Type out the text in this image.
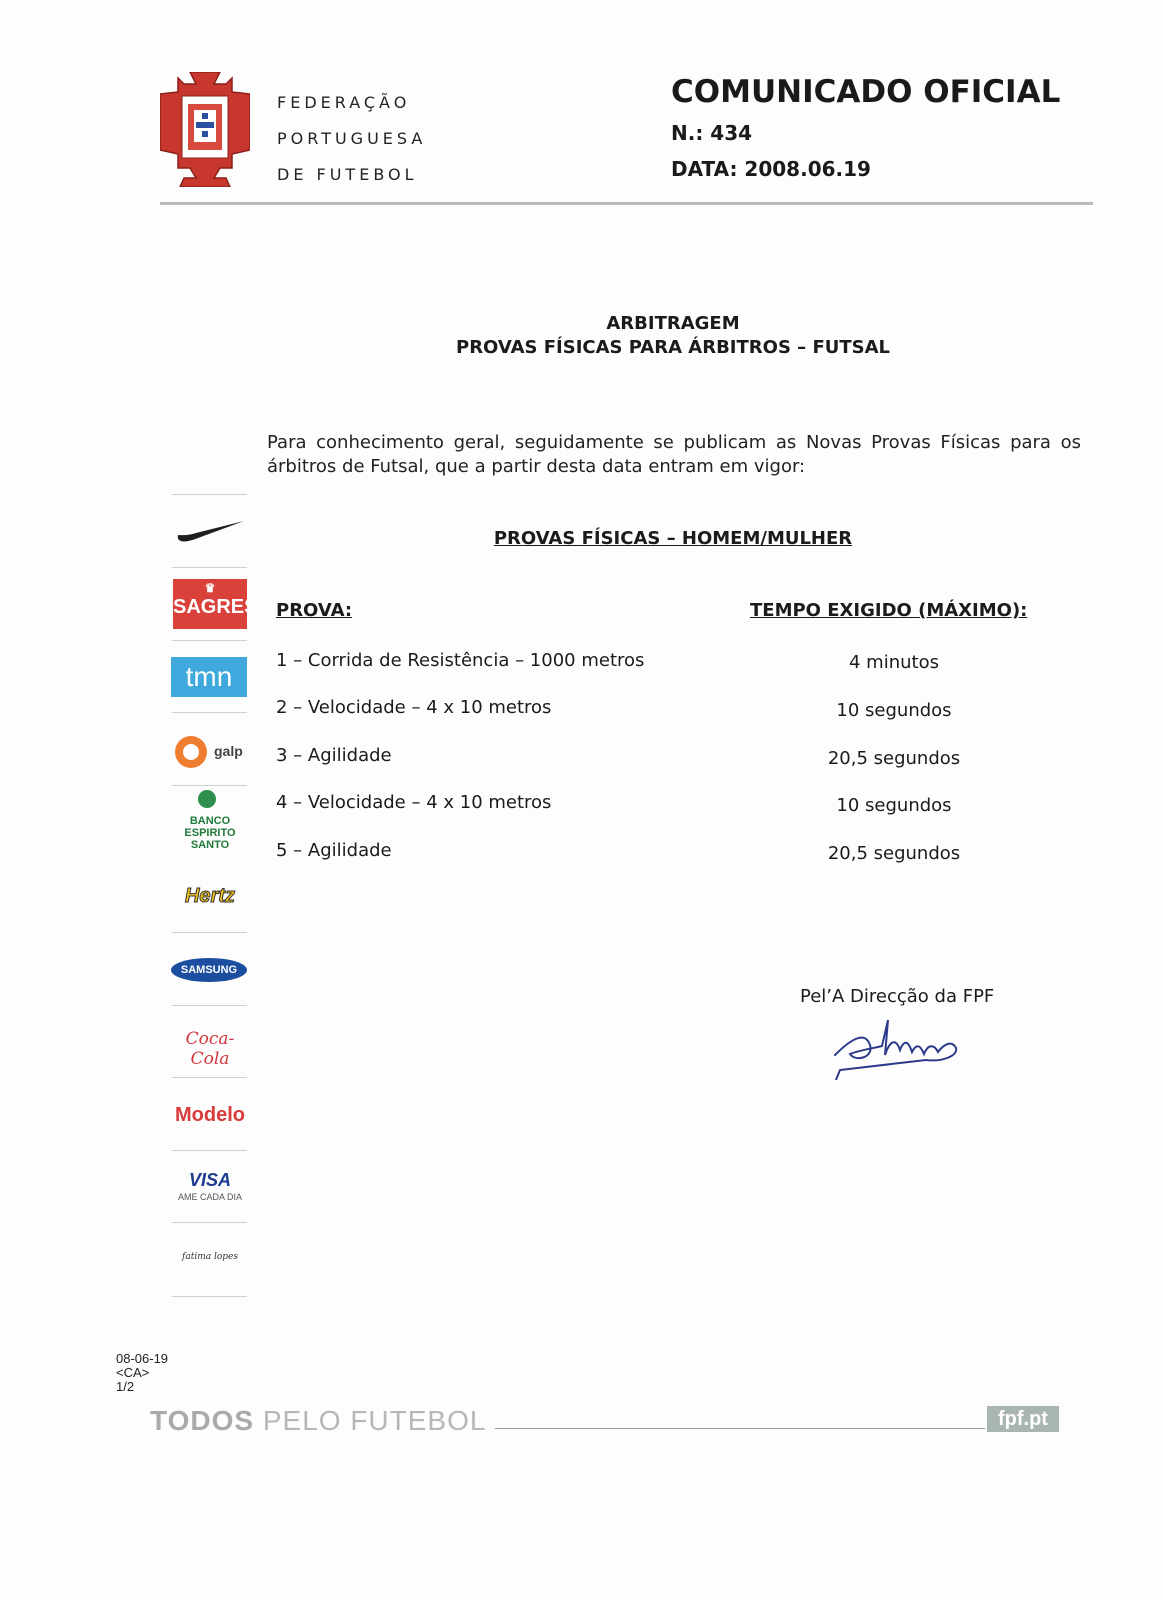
FEDERAÇÃO
PORTUGUESA
DE FUTEBOL
COMUNICADO OFICIAL
N.: 434
DATA: 2008.06.19
ARBITRAGEM
PROVAS FÍSICAS PARA ÁRBITROS – FUTSAL
Para conhecimento geral, seguidamente se publicam as Novas Provas Físicas para os árbitros de Futsal, que a partir desta data entram em vigor:
PROVAS FÍSICAS – HOMEM/MULHER
PROVA:	TEMPO EXIGIDO (MÁXIMO):
1 – Corrida de Resistência – 1000 metros	4 minutos
2 – Velocidade – 4 x 10 metros	10 segundos
3 – Agilidade	20,5 segundos
4 – Velocidade – 4 x 10 metros	10 segundos
5 – Agilidade	20,5 segundos
Pel’A Direcção da FPF
♛
SAGRES
tmn
galp
BANCO
ESPIRITO
SANTO
Hertz
SAMSUNG
Coca-Cola
Modelo
VISA
AME CADA DIA
fatima lopes
08-06-19
<CA>
1/2
TODOS PELO FUTEBOL	fpf.pt
